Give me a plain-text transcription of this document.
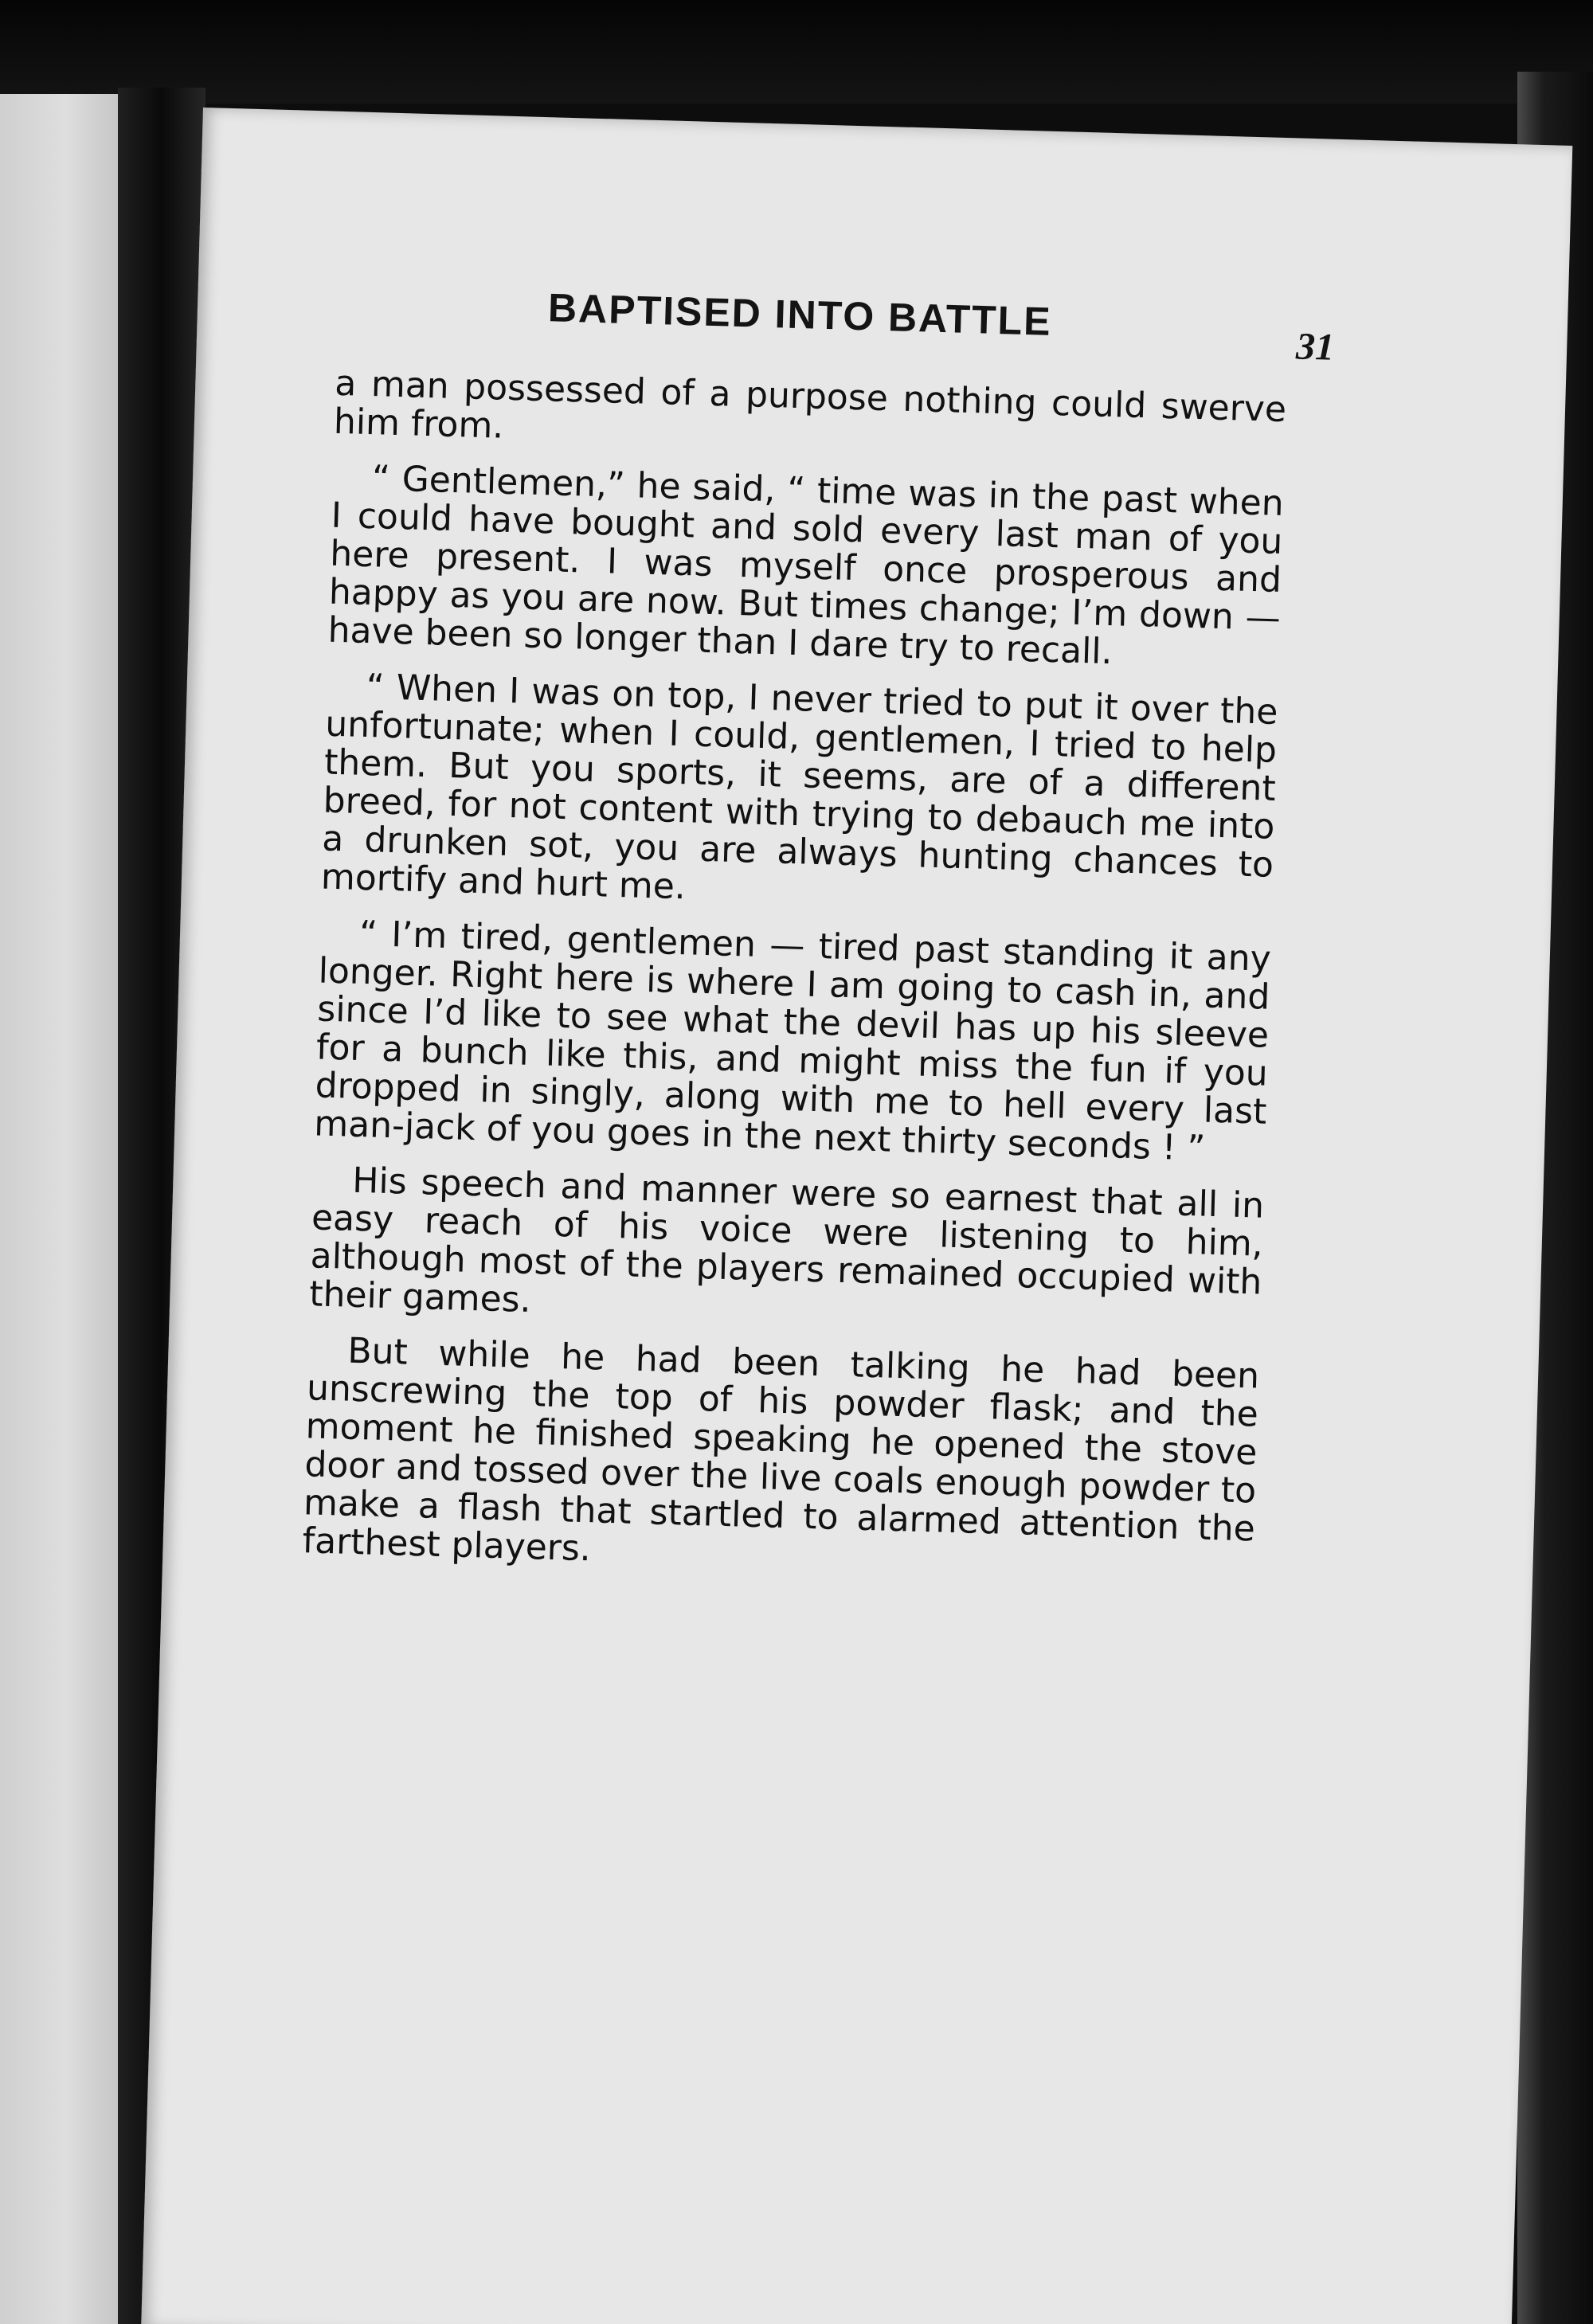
BAPTISED INTO BATTLE
31

a man possessed of a purpose nothing could swerve him from.

“ Gentlemen,” he said, “ time was in the past when I could have bought and sold every last man of you here present. I was myself once prosperous and happy as you are now. But times change; I’m down — have been so longer than I dare try to recall.

“ When I was on top, I never tried to put it over the unfortunate; when I could, gentlemen, I tried to help them. But you sports, it seems, are of a different breed, for not content with trying to debauch me into a drunken sot, you are always hunting chances to mortify and hurt me.

“ I’m tired, gentlemen — tired past standing it any longer. Right here is where I am going to cash in, and since I’d like to see what the devil has up his sleeve for a bunch like this, and might miss the fun if you dropped in singly, along with me to hell every last man-jack of you goes in the next thirty seconds ! ”

His speech and manner were so earnest that all in easy reach of his voice were listening to him, although most of the players remained occupied with their games.

But while he had been talking he had been unscrewing the top of his powder flask; and the moment he finished speaking he opened the stove door and tossed over the live coals enough powder to make a flash that startled to alarmed attention the farthest players.
